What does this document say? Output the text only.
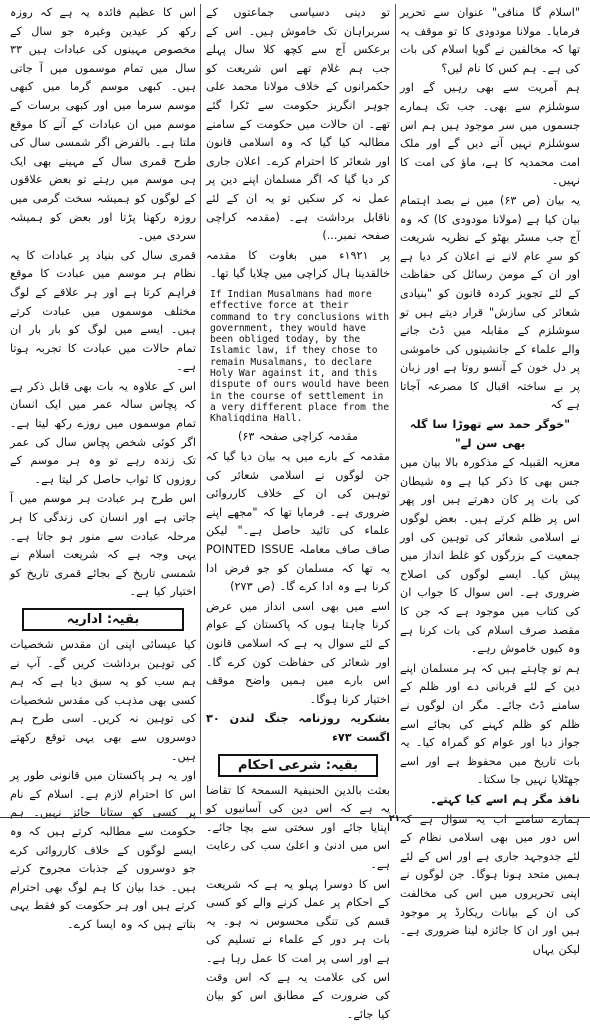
"اسلام گا منافی" عنوان سے تحریر فرمایا۔ مولانا مودودی کا تو موقف یہ تھا کہ مخالفین نے گویا اسلام کی بات کی ہے۔ ہم کس کا نام لیں؟

ہم آمریت سے بھی رہیں گے اور سوشلزم سے بھی۔ جب تک ہمارے جسموں میں سر موجود ہیں ہم اس سوشلزم نہیں آنے دیں گے اور ملک امت محمدیہ کا ہے، ماؤ کی امت کا نہیں۔

یہ بیان (ص ۶۳) میں نے بصد اہتمام بیان کیا ہے (مولانا مودودی کا) کہ وہ آج جب مسٹر بھٹو کے نظریہ شریعت کو سرِ عام لانے نے اعلان کر دیا ہے اور ان کے مومن رسائل کی حفاظت کے لئے تجویز کردہ قانون کو "بنیادی شعائر کی سازش" قرار دیتے ہیں تو سوشلزم کے مقابلہ میں ڈٹ جانے والے علماء کے جانشینوں کی خاموشی پر دل خون کے آنسو روتا ہے اور زبان پر بے ساختہ اقبال کا مصرعہ آجاتا ہے کہ

"خوگر حمد سے تھوڑا سا گلہ بھی سن لے"

معزیہ القبیلہ کے مذکورہ بالا بیان میں جس بھی کا ذکر کیا ہے وہ شیطان کی بات پر کان دھرتے ہیں اور پھر اس پر ظلم کرتے ہیں۔ بعض لوگوں نے اسلامی شعائر کی توہین کی اور جمعیت کے بزرگوں کو غلط انداز میں پیش کیا۔ ایسے لوگوں کی اصلاح ضروری ہے۔ اس سوال کا جواب ان کی کتاب میں موجود ہے کہ جن کا مقصد صرف اسلام کی بات کرنا ہے وہ کیوں خاموش رہے۔

ہم تو چاہتے ہیں کہ ہر مسلمان اپنے دین کے لئے قربانی دے اور ظلم کے سامنے ڈٹ جائے۔ مگر ان لوگوں نے ظلم کو ظلم کہنے کی بجائے اسے جواز دیا اور عوام کو گمراہ کیا۔ یہ بات تاریخ میں محفوظ ہے اور اسے جھٹلایا نہیں جا سکتا۔

نافذ مگر ہم اسے کیا کہتے۔

ہمارے سامنے اب یہ سوال ہے کہ اس دور میں بھی اسلامی نظام کے لئے جدوجہد جاری ہے اور اس کے لئے ہمیں متحد ہونا ہوگا۔ جن لوگوں نے اپنی تحریروں میں اس کی مخالفت کی ان کے بیانات ریکارڈ پر موجود ہیں اور ان کا جائزہ لینا ضروری ہے۔ لیکن یہاں

تو دینی دسیاسی جماعتوں کے سربراہان تک خاموش ہیں۔ اس کے برعکس آج سے کچھ کلا سال پہلے جب ہم غلام تھے اس شریعت کو حکمرانوں کے خلاف مولانا محمد علی جوہر انگریز حکومت سے ٹکرا گئے تھے۔ ان حالات میں حکومت کے سامنے مطالبہ کیا گیا کہ وہ اسلامی قانون اور شعائر کا احترام کرے۔ اعلان جاری کر دیا گیا کہ اگر مسلمان اپنے دین پر عمل نہ کر سکیں تو یہ ان کے لئے ناقابل برداشت ہے۔ (مقدمہ کراچی صفحہ نمبر...)

پر ۱۹۲۱ء میں بغاوت کا مقدمہ خالقدینا ہال کراچی میں چلایا گیا تھا۔

If Indian Musalmans had more effective force at their command to try conclusions with government, they would have been obliged today, by the Islamic law, if they chose to remain Musalmans, to declare Holy War against it, and this dispute of ours would have been in the course of settlement in a very different place from the Khaliqdina Hall.

مقدمہ کراچی صفحہ ۶۳)

مقدمہ کے بارے میں یہ بیان دیا گیا کہ جن لوگوں نے اسلامی شعائر کی توہین کی ان کے خلاف کارروائی ضروری ہے۔ فرمایا تھا کہ "مجھے اپنے علماء کی تائید حاصل ہے۔" لیکن صاف صاف معاملہ POINTED ISSUE یہ تھا کہ مسلمان کو جو فرض ادا کرنا ہے وہ ادا کرے گا۔ (ص ۲۷۳)

اسے میں بھی اسی انداز میں عرض کرنا چاہتا ہوں کہ پاکستان کے عوام کے لئے سوال یہ ہے کہ اسلامی قانون اور شعائر کی حفاظت کون کرے گا۔ اس بارے میں ہمیں واضح موقف اختیار کرنا ہوگا۔

بشکریہ روزنامہ جنگ لندن ۳۰ اگست ۷۳ء

بقیہ: شرعی احکام

بعثت بالدین الحنیفیۃ السمحۃ کا تقاضا یہ ہے کہ اس دین کی آسانیوں کو اپنایا جائے اور سختی سے بچا جائے۔ اس میں ادنیٰ و اعلیٰ سب کی رعایت ہے۔

اس کا دوسرا پہلو یہ ہے کہ شریعت کے احکام پر عمل کرنے والے کو کسی قسم کی تنگی محسوس نہ ہو۔ یہ بات ہر دور کے علماء نے تسلیم کی ہے اور اسی پر امت کا عمل رہا ہے۔ اس کی علامت یہ ہے کہ اس وقت کی ضرورت کے مطابق اس کو بیان کیا جائے۔

اس کا عظیم فائدہ یہ ہے کہ روزہ رکھ کر عیدین وغیرہ جو سال کے مخصوص مہینوں کی عبادات ہیں ۳۳ سال میں تمام موسموں میں آ جاتی ہیں۔ کبھی موسم گرما میں کبھی موسم سرما میں اور کبھی برسات کے موسم میں ان عبادات کے آنے کا موقع ملتا ہے۔ بالفرض اگر شمسی سال کی طرح قمری سال کے مہینے بھی ایک ہی موسم میں رہتے تو بعض علاقوں کے لوگوں کو ہمیشہ سخت گرمی میں روزہ رکھنا پڑتا اور بعض کو ہمیشہ سردی میں۔

قمری سال کی بنیاد پر عبادات کا یہ نظام ہر موسم میں عبادت کا موقع فراہم کرتا ہے اور ہر علاقے کے لوگ مختلف موسموں میں عبادت کرتے ہیں۔ ایسے میں لوگ کو بار بار ان تمام حالات میں عبادت کا تجربہ ہوتا ہے۔

اس کے علاوہ یہ بات بھی قابل ذکر ہے کہ پچاس سالہ عمر میں ایک انسان تمام موسموں میں روزے رکھ لیتا ہے۔ اگر کوئی شخص پچاس سال کی عمر تک زندہ رہے تو وہ ہر موسم کے روزوں کا ثواب حاصل کر لیتا ہے۔

اس طرح ہر عبادت ہر موسم میں آ جاتی ہے اور انسان کی زندگی کا ہر مرحلہ عبادت سے منور ہو جاتا ہے۔ یہی وجہ ہے کہ شریعت اسلام نے شمسی تاریخ کے بجائے قمری تاریخ کو اختیار کیا ہے۔

بقیہ: اداریہ

کیا عیسائی اپنی ان مقدس شخصیات کی توہین برداشت کریں گے۔ آپ نے ہم سب کو یہ سبق دیا ہے کہ ہم کسی بھی مذہب کی مقدس شخصیات کی توہین نہ کریں۔ اسی طرح ہم دوسروں سے بھی یہی توقع رکھتے ہیں۔

اور یہ ہر پاکستان میں قانونی طور پر اس کا احترام لازم ہے۔ اسلام کے نام پر کسی کو ستانا جائز نہیں۔ ہم حکومت سے مطالبہ کرتے ہیں کہ وہ ایسے لوگوں کے خلاف کارروائی کرے جو دوسروں کے جذبات مجروح کرتے ہیں۔ خدا بیان کا ہم لوگ بھی احترام کرتے ہیں اور ہر حکومت کو فقط یہی بتاتے ہیں کہ وہ ایسا کرے۔

۲۱
